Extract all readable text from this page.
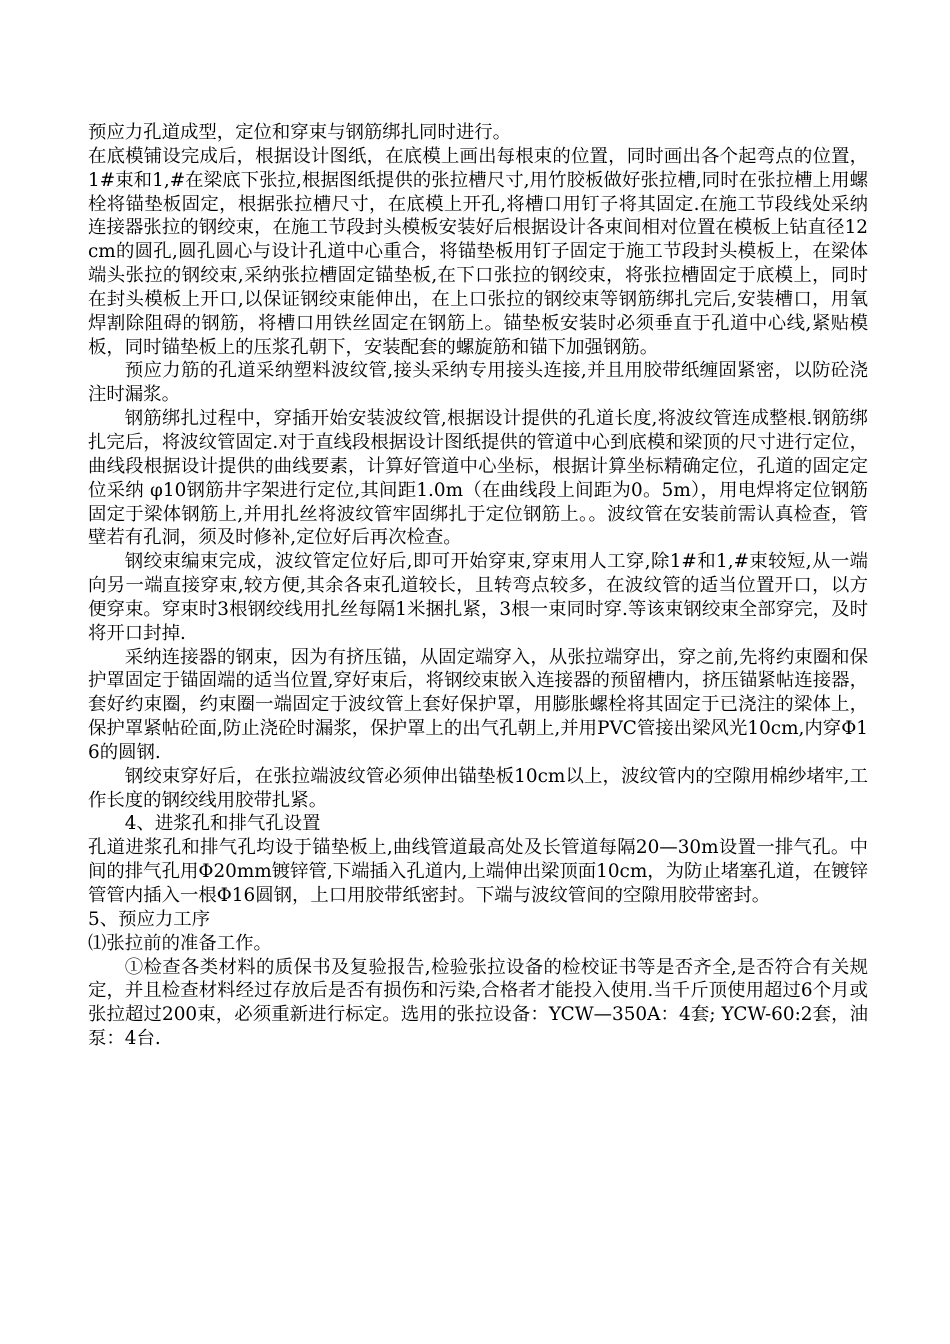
预应力孔道成型，定位和穿束与钢筋绑扎同时进行。

在底模铺设完成后，根据设计图纸，在底模上画出每根束的位置，同时画出各个起弯点的位置，1#束和1,#在梁底下张拉,根据图纸提供的张拉槽尺寸,用竹胶板做好张拉槽,同时在张拉槽上用螺栓将锚垫板固定，根据张拉槽尺寸，在底模上开孔,将槽口用钉子将其固定.在施工节段线处采纳连接器张拉的钢绞束，在施工节段封头模板安装好后根据设计各束间相对位置在模板上钻直径12cm的圆孔,圆孔圆心与设计孔道中心重合，将锚垫板用钉子固定于施工节段封头模板上，在梁体端头张拉的钢绞束,采纳张拉槽固定锚垫板,在下口张拉的钢绞束，将张拉槽固定于底模上，同时在封头模板上开口,以保证钢绞束能伸出，在上口张拉的钢绞束等钢筋绑扎完后,安装槽口，用氧焊割除阻碍的钢筋，将槽口用铁丝固定在钢筋上。锚垫板安装时必须垂直于孔道中心线,紧贴模板，同时锚垫板上的压浆孔朝下，安装配套的螺旋筋和锚下加强钢筋。

预应力筋的孔道采纳塑料波纹管,接头采纳专用接头连接,并且用胶带纸缠固紧密，以防砼浇注时漏浆。

钢筋绑扎过程中，穿插开始安装波纹管,根据设计提供的孔道长度,将波纹管连成整根.钢筋绑扎完后，将波纹管固定.对于直线段根据设计图纸提供的管道中心到底模和梁顶的尺寸进行定位，曲线段根据设计提供的曲线要素，计算好管道中心坐标，根据计算坐标精确定位，孔道的固定定位采纳 φ10钢筋井字架进行定位,其间距1.0m（在曲线段上间距为0。5m），用电焊将定位钢筋固定于梁体钢筋上,并用扎丝将波纹管牢固绑扎于定位钢筋上。。波纹管在安装前需认真检查，管壁若有孔洞，须及时修补,定位好后再次检查。

钢绞束编束完成，波纹管定位好后,即可开始穿束,穿束用人工穿,除1#和1,#束较短,从一端向另一端直接穿束,较方便,其余各束孔道较长，且转弯点较多，在波纹管的适当位置开口，以方便穿束。穿束时3根钢绞线用扎丝每隔1米捆扎紧，3根一束同时穿.等该束钢绞束全部穿完，及时将开口封掉.

采纳连接器的钢束，因为有挤压锚，从固定端穿入，从张拉端穿出，穿之前,先将约束圈和保护罩固定于锚固端的适当位置,穿好束后，将钢绞束嵌入连接器的预留槽内，挤压锚紧帖连接器，套好约束圈，约束圈一端固定于波纹管上套好保护罩，用膨胀螺栓将其固定于已浇注的梁体上，保护罩紧帖砼面,防止浇砼时漏浆，保护罩上的出气孔朝上,并用PVC管接出梁风光10cm,内穿Φ16的圆钢.

钢绞束穿好后，在张拉端波纹管必须伸出锚垫板10cm以上，波纹管内的空隙用棉纱堵牢,工作长度的钢绞线用胶带扎紧。

4、进浆孔和排气孔设置

孔道进浆孔和排气孔均设于锚垫板上,曲线管道最高处及长管道每隔20—30m设置一排气孔。中间的排气孔用Φ20mm镀锌管,下端插入孔道内,上端伸出梁顶面10cm，为防止堵塞孔道，在镀锌管管内插入一根Φ16圆钢，上口用胶带纸密封。下端与波纹管间的空隙用胶带密封。

5、预应力工序

⑴张拉前的准备工作。

①检查各类材料的质保书及复验报告,检验张拉设备的检校证书等是否齐全,是否符合有关规定，并且检查材料经过存放后是否有损伤和污染,合格者才能投入使用.当千斤顶使用超过6个月或张拉超过200束，必须重新进行标定。选用的张拉设备：YCW—350A：4套; YCW-60:2套，油泵：4台.
